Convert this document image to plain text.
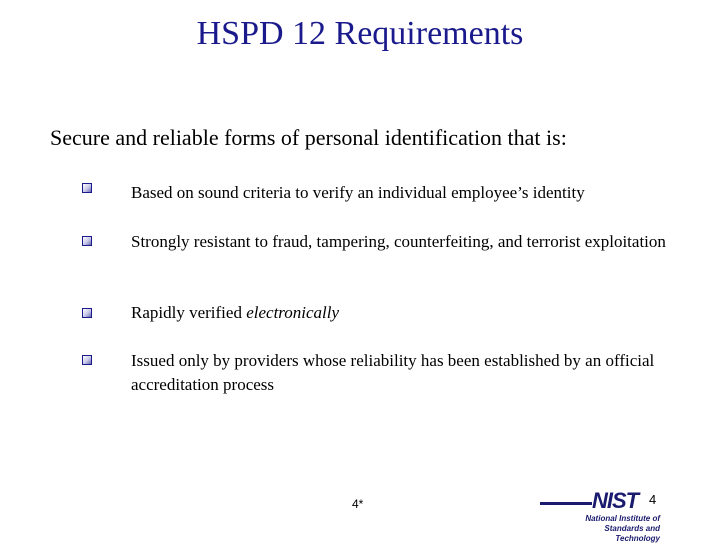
HSPD 12 Requirements
Secure and reliable forms of personal identification that is:
Based on sound criteria to verify an individual employee’s identity
Strongly resistant to fraud, tampering, counterfeiting, and terrorist exploitation
Rapidly verified electronically
Issued only by providers whose reliability has been established by an official accreditation process
4*	NIST
National Institute of
Standards and Technology
4
